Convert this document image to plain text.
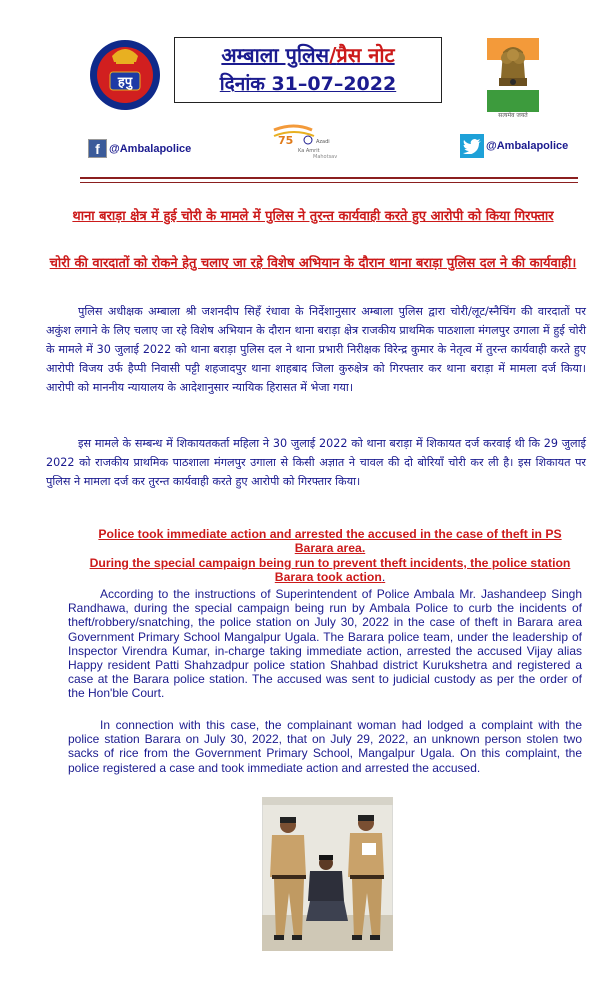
हपु
अम्बाला पुलिस/प्रैस नोट
दिनांक 31–07–2022
सत्यमेव जयते
f @Ambalapolice
75	Azadi
Ka Amrit
Mahotsav
@Ambalapolice
थाना बराड़ा क्षेत्र में हुई चोरी के मामले में पुलिस ने तुरन्त कार्यवाही करते हुए आरोपी को किया गिरफ्तार
चोरी की वारदातों को रोकने हेतु चलाए जा रहे विशेष अभियान के दौरान थाना बराड़ा पुलिस दल ने की कार्यवाही।
पुलिस अधीक्षक अम्बाला श्री जशनदीप सिहँ रंधावा के निर्देशानुसार अम्बाला पुलिस द्वारा चोरी/लूट/स्नैचिंग की वारदातों पर अकुंश लगाने के लिए चलाए जा रहे विशेष अभियान के दौरान थाना बराड़ा क्षेत्र राजकीय प्राथमिक पाठशाला मंगलपुर उगाला में हुई चोरी के मामले में 30 जुलाई 2022 को थाना बराड़ा पुलिस दल ने थाना प्रभारी निरीक्षक विरेन्द्र कुमार के नेतृत्व में तुरन्त कार्यवाही करते हुए आरोपी विजय उर्फ हैप्पी निवासी पट्टी शहजादपुर थाना शाहबाद जिला कुरुक्षेत्र को गिरफ्तार कर थाना बराड़ा में मामला दर्ज किया। आरोपी को माननीय न्यायालय के आदेशानुसार न्यायिक हिरासत में भेजा गया।
इस मामले के सम्बन्ध में शिकायतकर्ता महिला ने 30 जुलाई 2022 को थाना बराड़ा में शिकायत दर्ज करवाई थी कि 29 जुलाई 2022 को राजकीय प्राथमिक पाठशाला मंगलपुर उगाला से किसी अज्ञात ने चावल की दो बोरियाँ चोरी कर ली है। इस शिकायत पर पुलिस ने मामला दर्ज कर तुरन्त कार्यवाही करते हुए आरोपी को गिरफ्तार किया।
Police took immediate action and arrested the accused in the case of theft in PS Barara area.
During the special campaign being run to prevent theft incidents, the police station Barara took action.
According to the instructions of Superintendent of Police Ambala Mr. Jashandeep Singh Randhawa, during the special campaign being run by Ambala Police to curb the incidents of theft/robbery/snatching, the police station on July 30, 2022 in the case of theft in Barara area Government Primary School Mangalpur Ugala. The Barara police team, under the leadership of Inspector Virendra Kumar, in-charge taking immediate action, arrested the accused Vijay alias Happy resident Patti Shahzadpur police station Shahbad district Kurukshetra and registered a case at the Barara police station. The accused was sent to judicial custody as per the order of the Hon'ble Court.
In connection with this case, the complainant woman had lodged a complaint with the police station Barara on July 30, 2022, that on July 29, 2022, an unknown person stolen two sacks of rice from the Government Primary School, Mangalpur Ugala. On this complaint, the police registered a case and took immediate action and arrested the accused.
